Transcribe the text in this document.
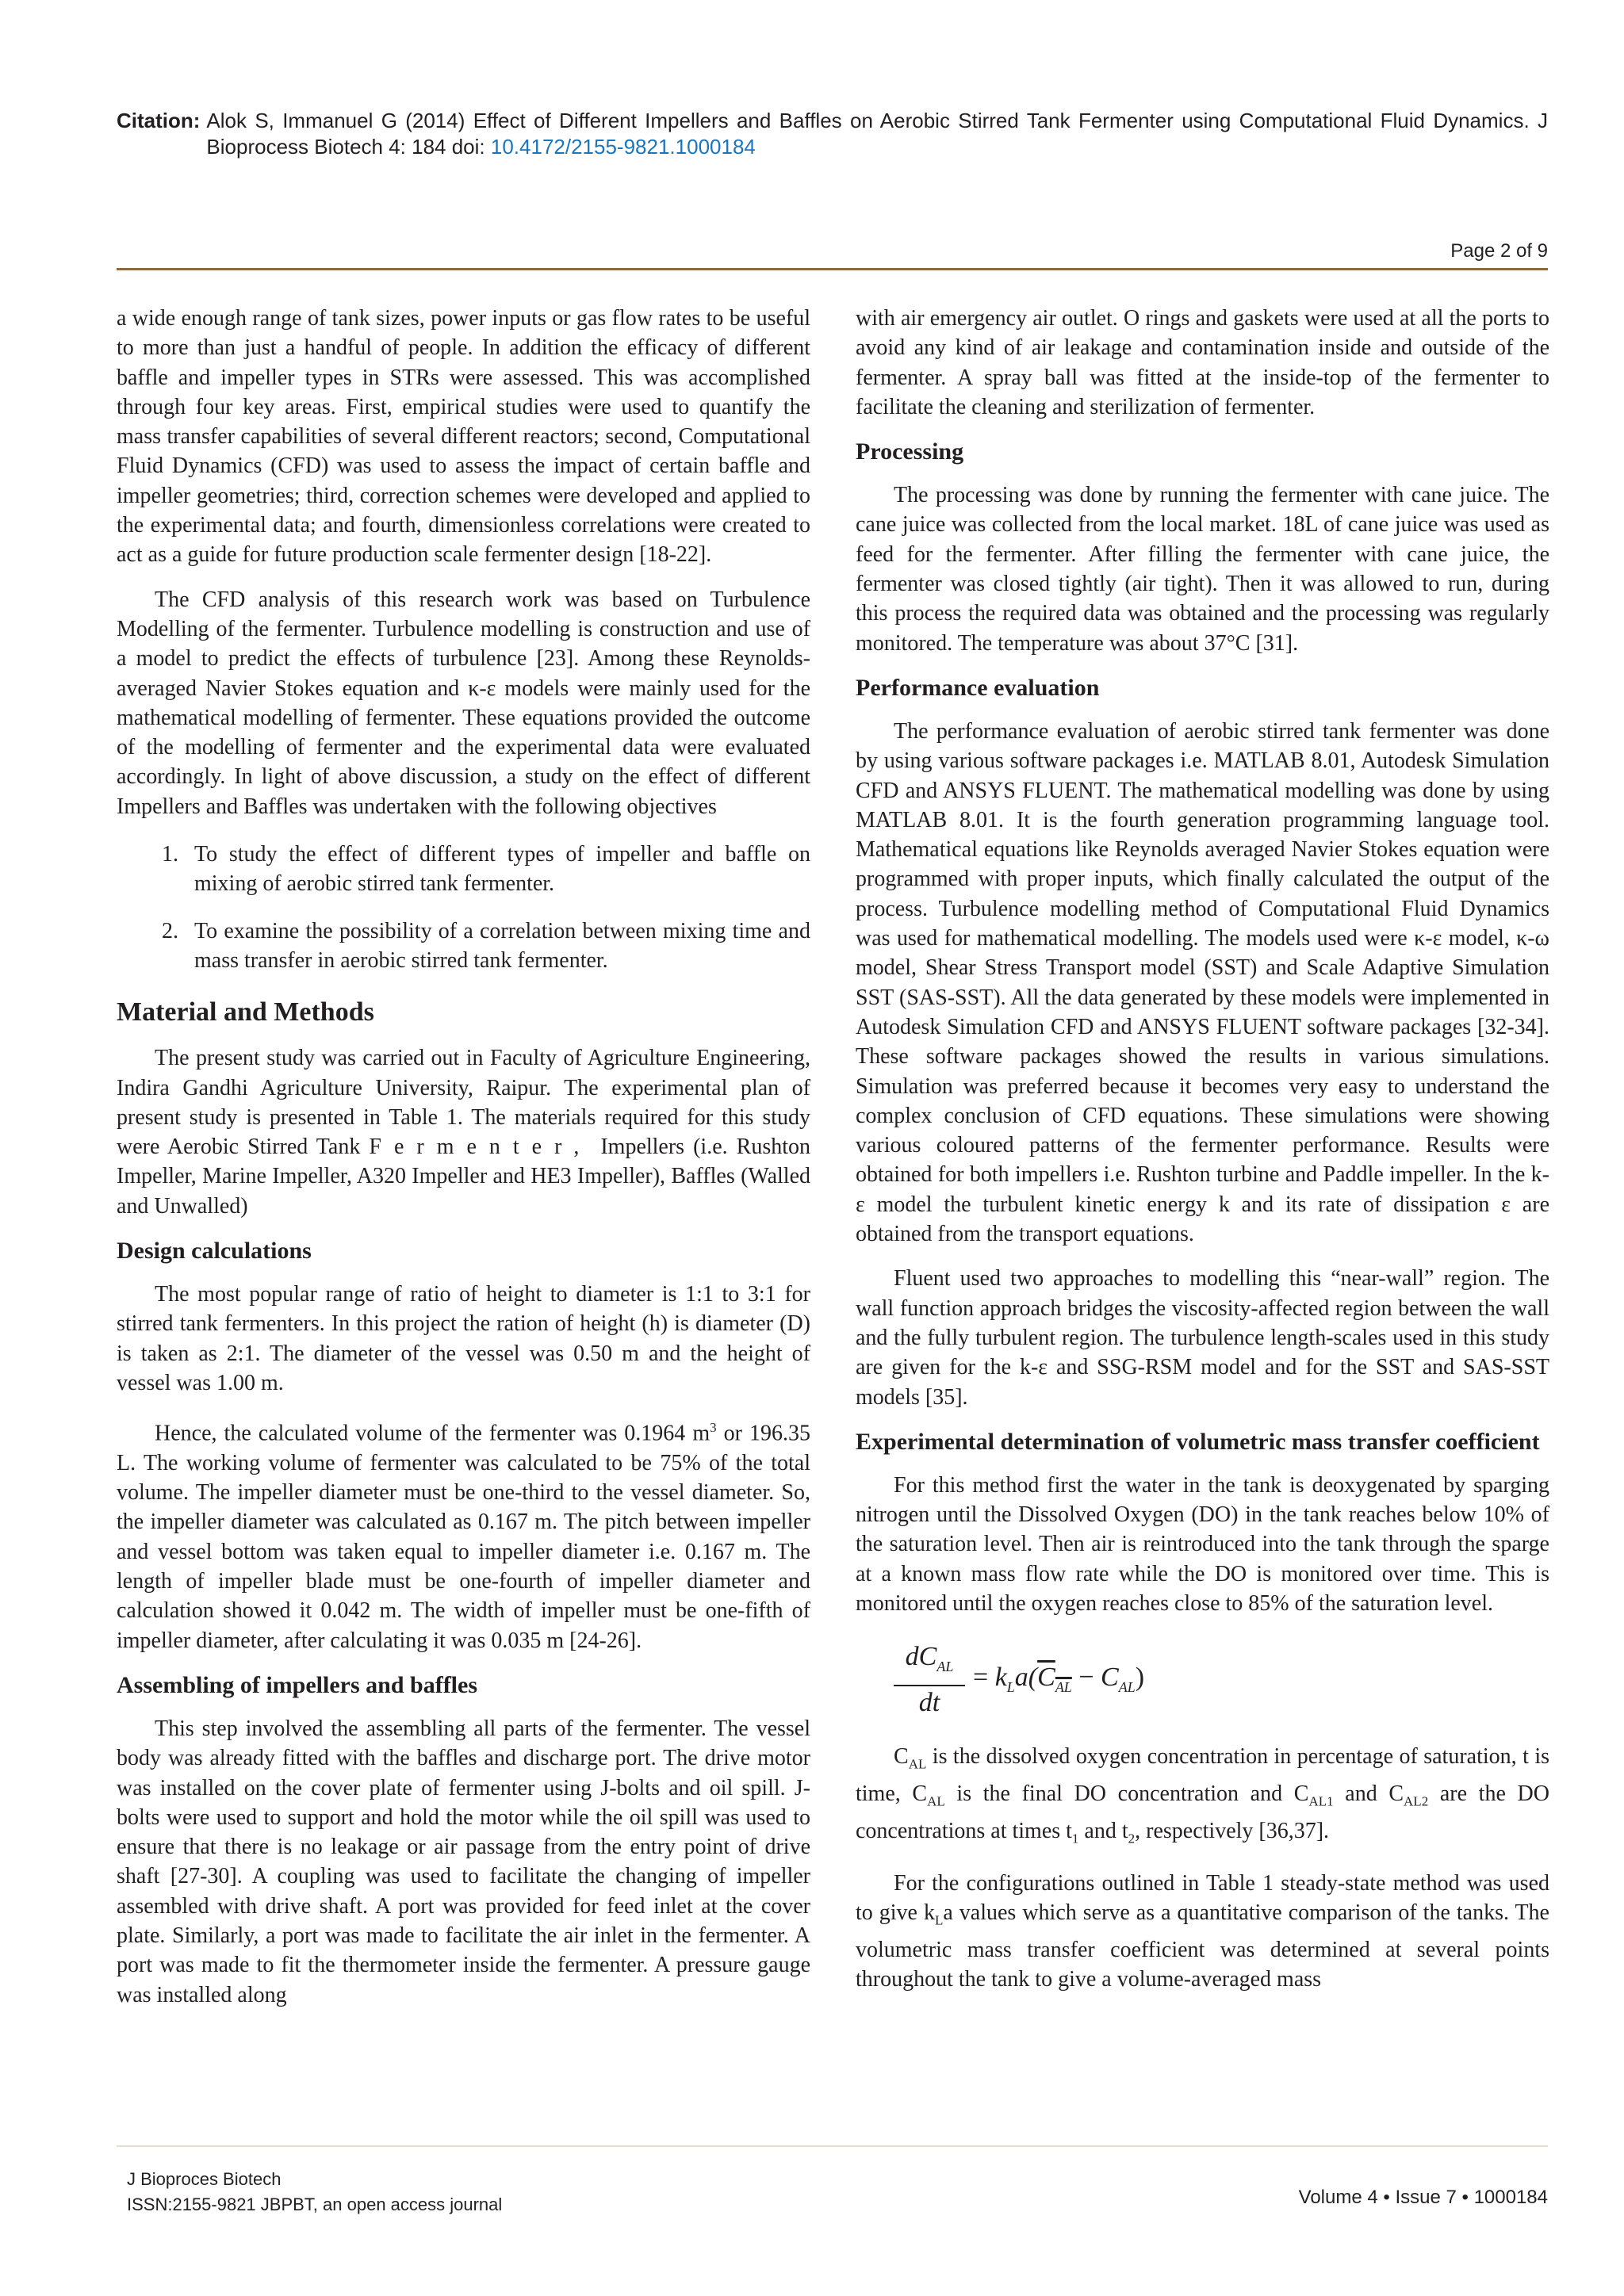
Citation: Alok S, Immanuel G (2014) Effect of Different Impellers and Baffles on Aerobic Stirred Tank Fermenter using Computational Fluid Dynamics. J Bioprocess Biotech 4: 184 doi: 10.4172/2155-9821.1000184
Page 2 of 9

a wide enough range of tank sizes, power inputs or gas flow rates to be useful to more than just a handful of people. In addition the efficacy of different baffle and impeller types in STRs were assessed. This was accomplished through four key areas. First, empirical studies were used to quantify the mass transfer capabilities of several different reactors; second, Computational Fluid Dynamics (CFD) was used to assess the impact of certain baffle and impeller geometries; third, correction schemes were developed and applied to the experimental data; and fourth, dimensionless correlations were created to act as a guide for future production scale fermenter design [18-22].

The CFD analysis of this research work was based on Turbulence Modelling of the fermenter. Turbulence modelling is construction and use of a model to predict the effects of turbulence [23]. Among these Reynolds-averaged Navier Stokes equation and κ-ε models were mainly used for the mathematical modelling of fermenter. These equations provided the outcome of the modelling of fermenter and the experimental data were evaluated accordingly. In light of above discussion, a study on the effect of different Impellers and Baffles was undertaken with the following objectives

1. To study the effect of different types of impeller and baffle on mixing of aerobic stirred tank fermenter.
2. To examine the possibility of a correlation between mixing time and mass transfer in aerobic stirred tank fermenter.
Material and Methods

The present study was carried out in Faculty of Agriculture Engineering, Indira Gandhi Agriculture University, Raipur. The experimental plan of present study is presented in Table 1. The materials required for this study were Aerobic Stirred Tank Fermenter, Impellers (i.e. Rushton Impeller, Marine Impeller, A320 Impeller and HE3 Impeller), Baffles (Walled and Unwalled)

Design calculations

The most popular range of ratio of height to diameter is 1:1 to 3:1 for stirred tank fermenters. In this project the ration of height (h) is diameter (D) is taken as 2:1. The diameter of the vessel was 0.50 m and the height of vessel was 1.00 m.

Hence, the calculated volume of the fermenter was 0.1964 $m^3$ or 196.35 L. The working volume of fermenter was calculated to be 75% of the total volume. The impeller diameter must be one-third to the vessel diameter. So, the impeller diameter was calculated as 0.167 m. The pitch between impeller and vessel bottom was taken equal to impeller diameter i.e. 0.167 m. The length of impeller blade must be one-fourth of impeller diameter and calculation showed it 0.042 m. The width of impeller must be one-fifth of impeller diameter, after calculating it was 0.035 m [24-26].

Assembling of impellers and baffles

This step involved the assembling all parts of the fermenter. The vessel body was already fitted with the baffles and discharge port. The drive motor was installed on the cover plate of fermenter using J-bolts and oil spill. J-bolts were used to support and hold the motor while the oil spill was used to ensure that there is no leakage or air passage from the entry point of drive shaft [27-30]. A coupling was used to facilitate the changing of impeller assembled with drive shaft. A port was provided for feed inlet at the cover plate. Similarly, a port was made to facilitate the air inlet in the fermenter. A port was made to fit the thermometer inside the fermenter. A pressure gauge was installed along

with air emergency air outlet. O rings and gaskets were used at all the ports to avoid any kind of air leakage and contamination inside and outside of the fermenter. A spray ball was fitted at the inside-top of the fermenter to facilitate the cleaning and sterilization of fermenter.

Processing

The processing was done by running the fermenter with cane juice. The cane juice was collected from the local market. 18L of cane juice was used as feed for the fermenter. After filling the fermenter with cane juice, the fermenter was closed tightly (air tight). Then it was allowed to run, during this process the required data was obtained and the processing was regularly monitored. The temperature was about 37°C [31].

Performance evaluation

The performance evaluation of aerobic stirred tank fermenter was done by using various software packages i.e. MATLAB 8.01, Autodesk Simulation CFD and ANSYS FLUENT. The mathematical modelling was done by using MATLAB 8.01. It is the fourth generation programming language tool. Mathematical equations like Reynolds averaged Navier Stokes equation were programmed with proper inputs, which finally calculated the output of the process. Turbulence modelling method of Computational Fluid Dynamics was used for mathematical modelling. The models used were κ-ε model, κ-ω model, Shear Stress Transport model (SST) and Scale Adaptive Simulation SST (SAS-SST). All the data generated by these models were implemented in Autodesk Simulation CFD and ANSYS FLUENT software packages [32-34]. These software packages showed the results in various simulations. Simulation was preferred because it becomes very easy to understand the complex conclusion of CFD equations. These simulations were showing various coloured patterns of the fermenter performance. Results were obtained for both impellers i.e. Rushton turbine and Paddle impeller. In the k-ε model the turbulent kinetic energy k and its rate of dissipation ε are obtained from the transport equations.

Fluent used two approaches to modelling this “near-wall” region. The wall function approach bridges the viscosity-affected region between the wall and the fully turbulent region. The turbulence length-scales used in this study are given for the k-ε and SSG-RSM model and for the SST and SAS-SST models [35].

Experimental determination of volumetric mass transfer coefficient

For this method first the water in the tank is deoxygenated by sparging nitrogen until the Dissolved Oxygen (DO) in the tank reaches below 10% of the saturation level. Then air is reintroduced into the tank through the sparge at a known mass flow rate while the DO is monitored over time. This is monitored until the oxygen reaches close to 85% of the saturation level.

$dC_{AL}$
dt
= $k_La(C_{AL} - C_{AL})$

$C_{AL}$ is the dissolved oxygen concentration in percentage of saturation, t is time, $C_{AL}$ is the final DO concentration and $C_{AL1}$ and $C_{AL2}$ are the DO concentrations at times $t_1$ and $t_2$, respectively [36,37].

For the configurations outlined in Table 1 steady-state method was used to give $k_La$ values which serve as a quantitative comparison of the tanks. The volumetric mass transfer coefficient was determined at several points throughout the tank to give a volume-averaged mass

J Bioproces Biotech
ISSN:2155-9821 JBPBT, an open access journal	Volume 4 • Issue 7 • 1000184
